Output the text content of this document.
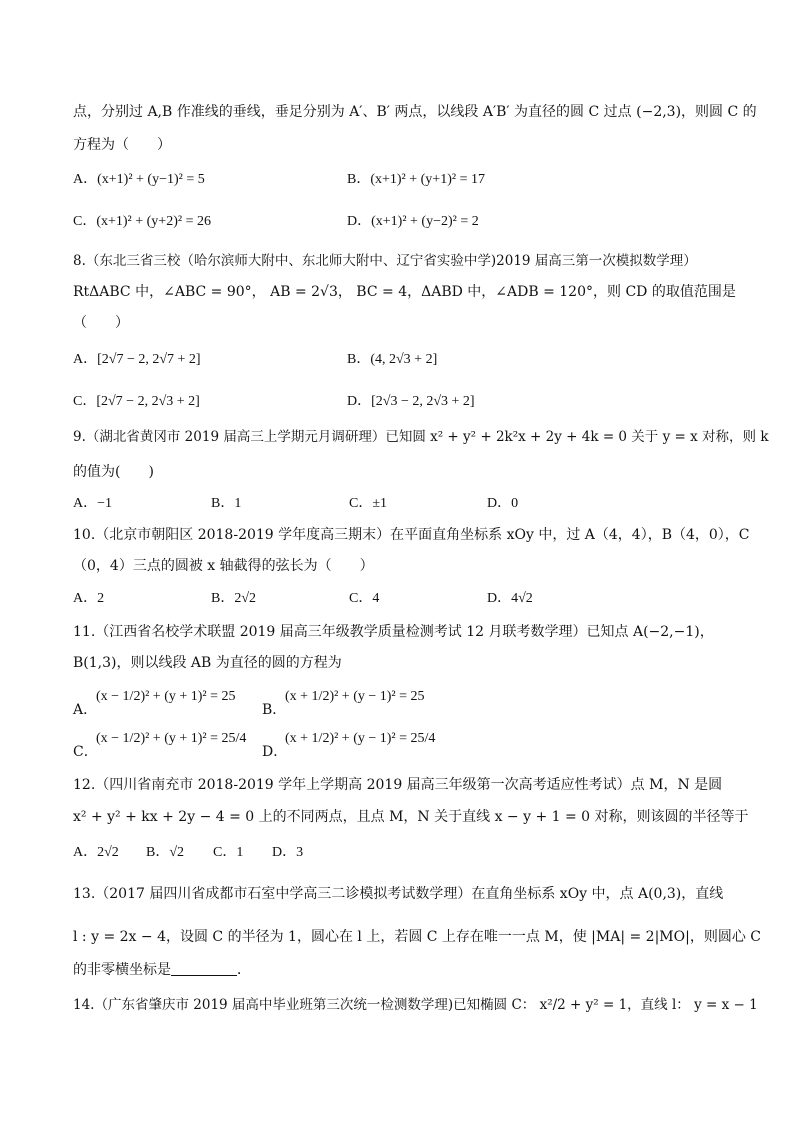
点，分别过 A,B 作准线的垂线，垂足分别为 A′、B′ 两点，以线段 A′B′ 为直径的圆 C 过点 (−2,3)，则圆 C 的
方程为（　　）
A．(x+1)² + (y−1)² = 5	B．(x+1)² + (y+1)² = 17
C．(x+1)² + (y+2)² = 26	D．(x+1)² + (y−2)² = 2
8.（东北三省三校（哈尔滨师大附中、东北师大附中、辽宁省实验中学)2019 届高三第一次模拟数学理）
RtΔABC 中，∠ABC = 90°， AB = 2√3， BC = 4，ΔABD 中，∠ADB = 120°，则 CD 的取值范围是
（　　）
A．[2√7 − 2, 2√7 + 2]	B．(4, 2√3 + 2]
C．[2√7 − 2, 2√3 + 2]	D．[2√3 − 2, 2√3 + 2]
9.（湖北省黄冈市 2019 届高三上学期元月调研理）已知圆 x² + y² + 2k²x + 2y + 4k = 0 关于 y = x 对称，则 k
的值为(　　)
A．−1	B．1	C．±1	D．0
10.（北京市朝阳区 2018-2019 学年度高三期末）在平面直角坐标系 xOy 中，过 A（4，4），B（4，0），C
（0，4）三点的圆被 x 轴截得的弦长为（　　）
A．2	B．2√2	C．4	D．4√2
11.（江西省名校学术联盟 2019 届高三年级教学质量检测考试 12 月联考数学理）已知点 A(−2,−1)，
B(1,3)，则以线段 AB 为直径的圆的方程为
A．
(x − 1/2)² + (y + 1)² = 25
B．
(x + 1/2)² + (y − 1)² = 25
C．
(x − 1/2)² + (y + 1)² = 25/4
D．
(x + 1/2)² + (y − 1)² = 25/4
12.（四川省南充市 2018-2019 学年上学期高 2019 届高三年级第一次高考适应性考试）点 M，N 是圆
x² + y² + kx + 2y − 4 = 0 上的不同两点，且点 M，N 关于直线 x − y + 1 = 0 对称，则该圆的半径等于
A．2√2 B．√2 C．1 D．3
13.（2017 届四川省成都市石室中学高三二诊模拟考试数学理）在直角坐标系 xOy 中，点 A(0,3)，直线
l : y = 2x − 4，设圆 C 的半径为 1，圆心在 l 上，若圆 C 上存在唯一一点 M，使 |MA| = 2|MO|，则圆心 C
的非零横坐标是	．
14.（广东省肇庆市 2019 届高中毕业班第三次统一检测数学理)已知椭圆 C： x²/2 + y² = 1，直线 l： y = x − 1
